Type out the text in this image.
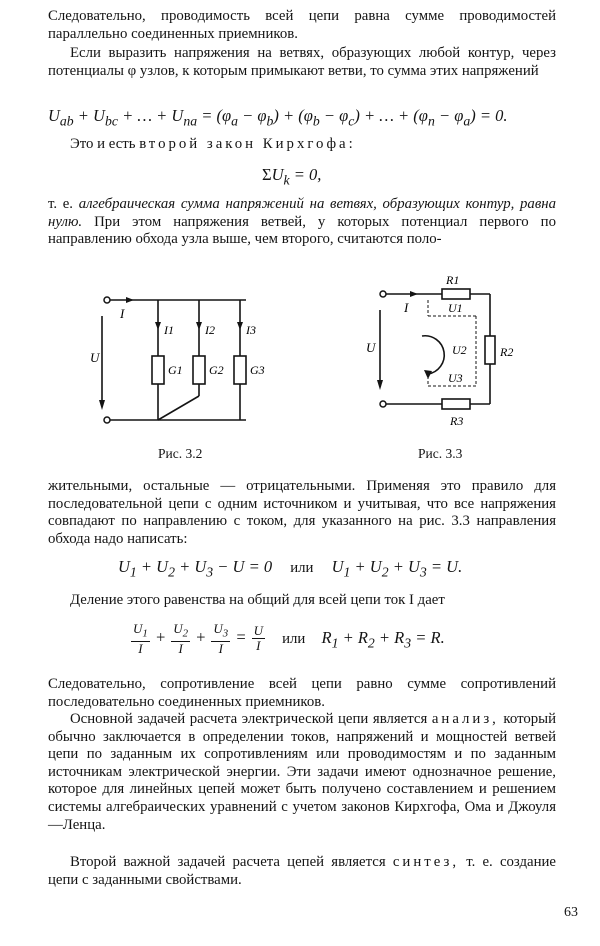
Следовательно, проводимость всей цепи равна сумме проводимостей параллельно соединенных приемников.

Если выразить напряжения на ветвях, образующих любой контур, через потенциалы φ узлов, к которым примыкают ветви, то сумма этих напряжений

$U_{ab} + U_{bc}$ + … + $U_{na} = (\varphi_a - \varphi_b) + (\varphi_b - \varphi_c)$ + … + $(\varphi_n - \varphi_a) = 0$.

Это и есть второй закон Кирхгофа:

$\Sigma U_k = 0$,

т. е. алгебраическая сумма напряжений на ветвях, образующих контур, равна нулю. При этом напряжения ветвей, у которых потенциал первого по направлению обхода узла выше, чем второго, считаются поло-

I
U
I1	I2	I3
G1 G2 G3
Рис. 3.2
R1
R2
R3
U1
U2
U3
I
U
Рис. 3.3

жительными, остальные — отрицательными. Применяя это правило для последовательной цепи с одним источником и учитывая, что все напряжения совпадают по направлению с током, для указанного на рис. 3.3 направления обхода надо написать:

$U_1 + U_2 + U_3 - U = 0$ или $U_1 + U_2 + U_3 = U$.

Деление этого равенства на общий для всей цепи ток I дает

$\frac{U_1}{I} + \frac{U_2}{I} + \frac{U_3}{I} = \frac{U}{I}$ или $R_1 + R_2 + R_3 = R$.

Следовательно, сопротивление всей цепи равно сумме сопротивлений последовательно соединенных приемников.

Основной задачей расчета электрической цепи является анализ, который обычно заключается в определении токов, напряжений и мощностей ветвей цепи по заданным их сопротивлениям или проводимостям и по заданным источникам электрической энергии. Эти задачи имеют однозначное решение, которое для линейных цепей может быть получено составлением и решением системы алгебраических уравнений с учетом законов Кирхгофа, Ома и Джоуля—Ленца.

Второй важной задачей расчета цепей является синтез, т. е. создание цепи с заданными свойствами.

63
